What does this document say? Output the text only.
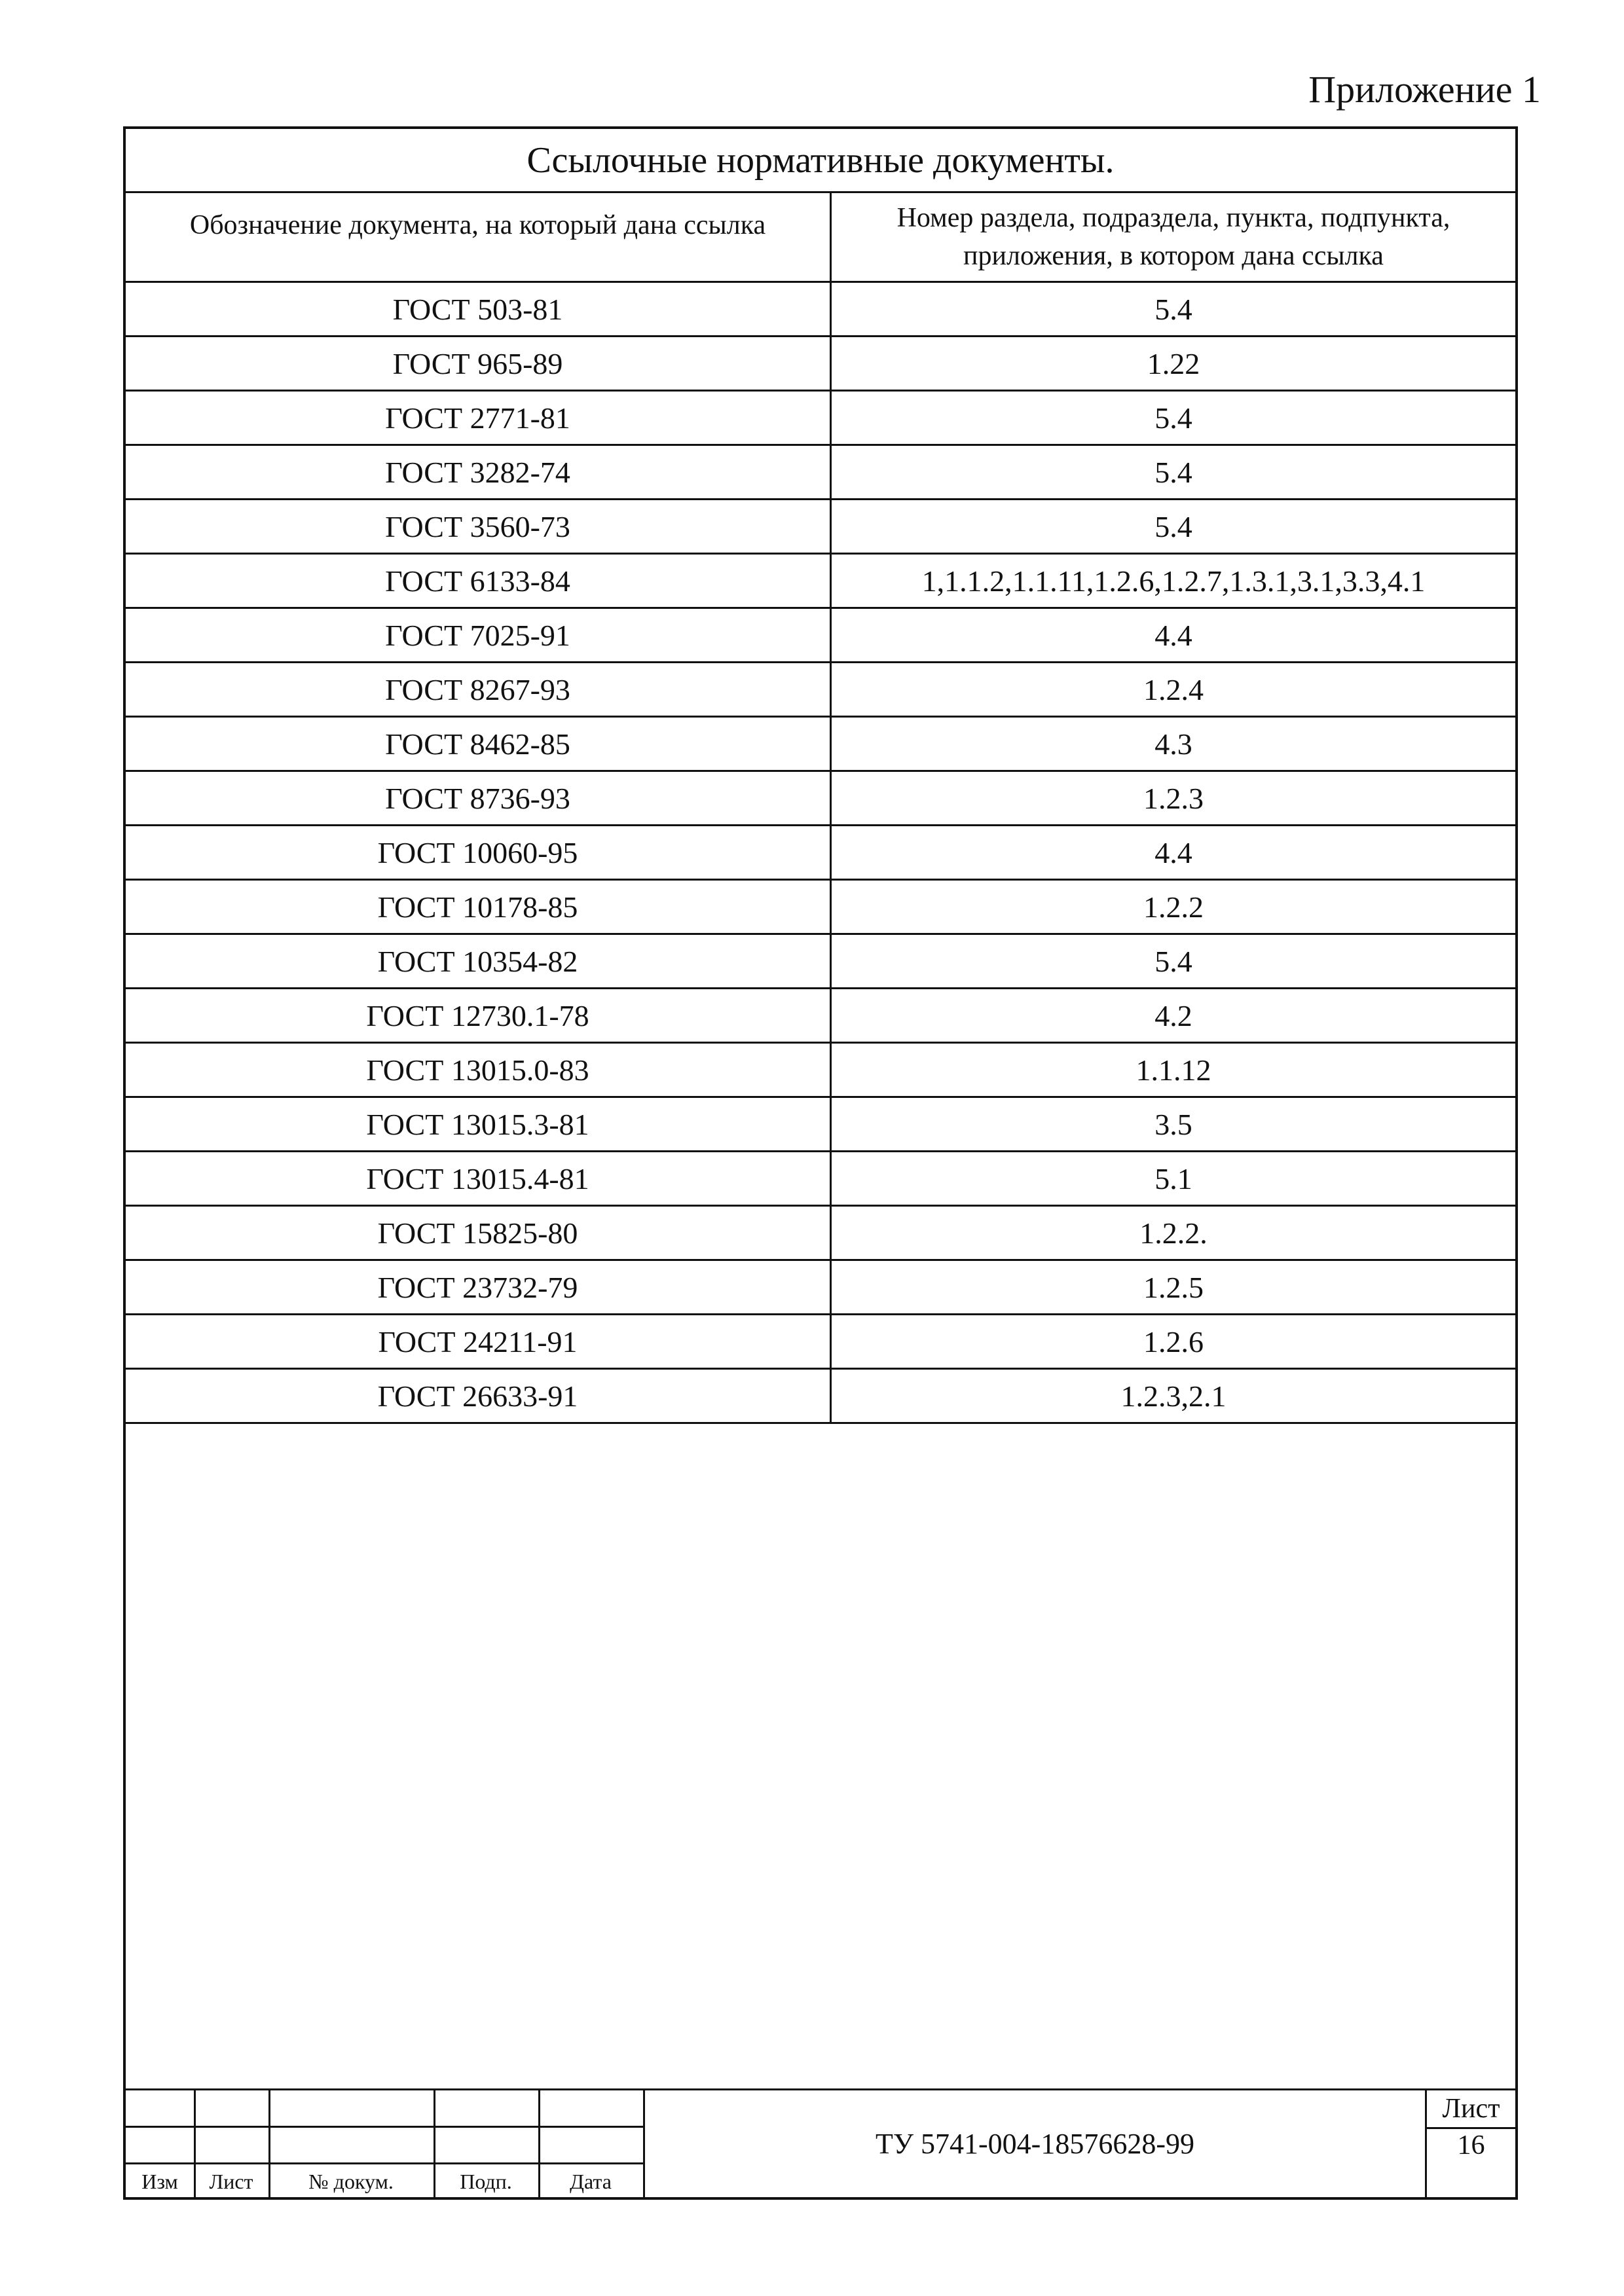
Приложение 1
Ссылочные нормативные документы.
Обозначение документа, на который дана ссылка	Номер раздела, подраздела, пункта, подпункта,
приложения, в котором дана ссылка
ГОСТ 503-81	5.4
ГОСТ 965-89	1.22
ГОСТ 2771-81	5.4
ГОСТ 3282-74	5.4
ГОСТ 3560-73	5.4
ГОСТ 6133-84	1,1.1.2,1.1.11,1.2.6,1.2.7,1.3.1,3.1,3.3,4.1
ГОСТ 7025-91	4.4
ГОСТ 8267-93	1.2.4
ГОСТ 8462-85	4.3
ГОСТ 8736-93	1.2.3
ГОСТ 10060-95	4.4
ГОСТ 10178-85	1.2.2
ГОСТ 10354-82	5.4
ГОСТ 12730.1-78	4.2
ГОСТ 13015.0-83	1.1.12
ГОСТ 13015.3-81	3.5
ГОСТ 13015.4-81	5.1
ГОСТ 15825-80	1.2.2.
ГОСТ 23732-79	1.2.5
ГОСТ 24211-91	1.2.6
ГОСТ 26633-91	1.2.3,2.1
Изм	Лист	№ докум.	Подп.	Дата
ТУ 5741-004-18576628-99
Лист
16
